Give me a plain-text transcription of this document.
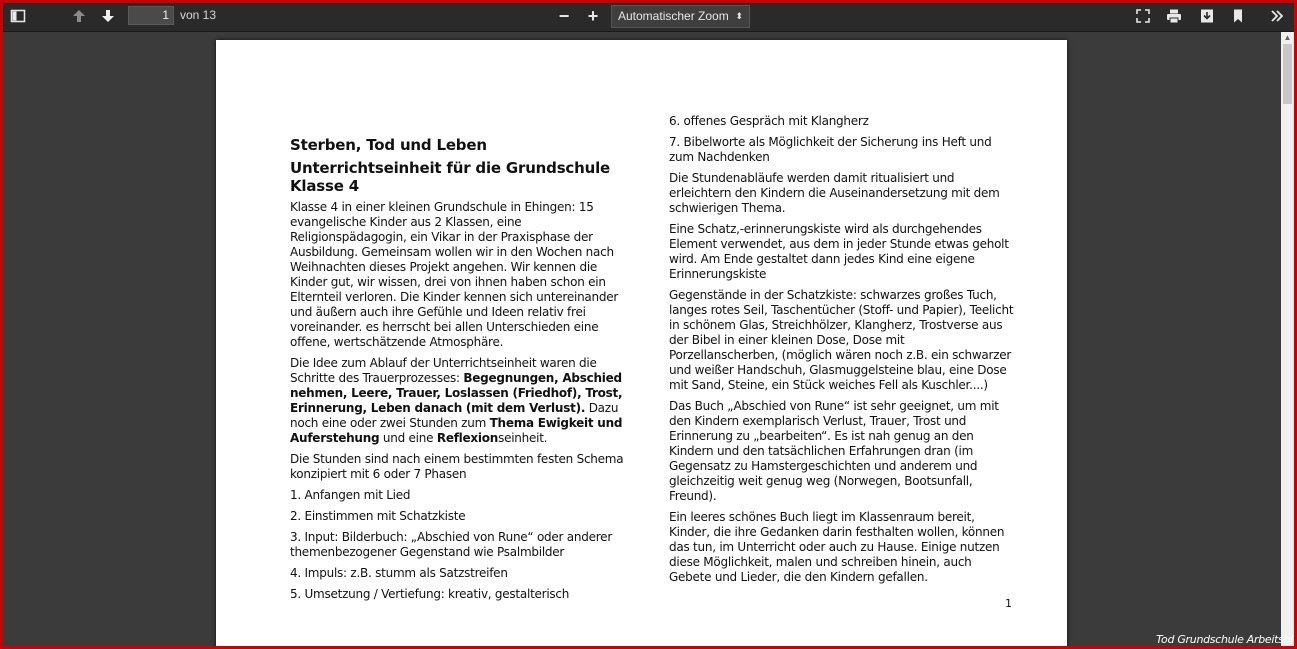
1 von 13	−	+	Automatischer Zoom ⬍
Sterben, Tod und Leben
Unterrichtseinheit für die Grundschule Klasse 4

Klasse 4 in einer kleinen Grundschule in Ehingen: 15 evangelische Kinder aus 2 Klassen, eine Religionspädagogin, ein Vikar in der Praxisphase der Ausbildung. Gemeinsam wollen wir in den Wochen nach Weihnachten dieses Projekt angehen. Wir kennen die Kinder gut, wir wissen, drei von ihnen haben schon ein Elternteil verloren. Die Kinder kennen sich untereinander und äußern auch ihre Gefühle und Ideen relativ frei voreinander. es herrscht bei allen Unterschieden eine offene, wertschätzende Atmosphäre.

Die Idee zum Ablauf der Unterrichtseinheit waren die Schritte des Trauerprozesses: Begegnungen, Abschied nehmen, Leere, Trauer, Loslassen (Friedhof), Trost, Erinnerung, Leben danach (mit dem Verlust). Dazu noch eine oder zwei Stunden zum Thema Ewigkeit und Auferstehung und eine Reflexionseinheit.

Die Stunden sind nach einem bestimmten festen Schema konzipiert mit 6 oder 7 Phasen

1. Anfangen mit Lied

2. Einstimmen mit Schatzkiste

3. Input: Bilderbuch: „Abschied von Rune“ oder anderer themenbezogener Gegenstand wie Psalmbilder

4. Impuls: z.B. stumm als Satzstreifen

5. Umsetzung / Vertiefung: kreativ, gestalterisch

6. offenes Gespräch mit Klangherz

7. Bibelworte als Möglichkeit der Sicherung ins Heft und zum Nachdenken

Die Stundenabläufe werden damit ritualisiert und erleichtern den Kindern die Auseinandersetzung mit dem schwierigen Thema.

Eine Schatz,-erinnerungskiste wird als durchgehendes Element verwendet, aus dem in jeder Stunde etwas geholt wird. Am Ende gestaltet dann jedes Kind eine eigene Erinnerungskiste

Gegenstände in der Schatzkiste: schwarzes großes Tuch, langes rotes Seil, Taschentücher (Stoff- und Papier), Teelicht in schönem Glas, Streichhölzer, Klangherz, Trostverse aus der Bibel in einer kleinen Dose, Dose mit Porzellanscherben, (möglich wären noch z.B. ein schwarzer und weißer Handschuh, Glasmuggelsteine blau, eine Dose mit Sand, Steine, ein Stück weiches Fell als Kuschler....)

Das Buch „Abschied von Rune“ ist sehr geeignet, um mit den Kindern exemplarisch Verlust, Trauer, Trost und Erinnerung zu „bearbeiten“. Es ist nah genug an den Kindern und den tatsächlichen Erfahrungen dran (im Gegensatz zu Hamstergeschichten und anderem und gleichzeitig weit genug weg (Norwegen, Bootsunfall, Freund).

Ein leeres schönes Buch liegt im Klassenraum bereit, Kinder, die ihre Gedanken darin festhalten wollen, können das tun, im Unterricht oder auch zu Hause. Einige nutzen diese Möglichkeit, malen und schreiben hinein, auch Gebete und Lieder, die den Kindern gefallen.

1
▲
Tod Grundschule Arbeitsbl
